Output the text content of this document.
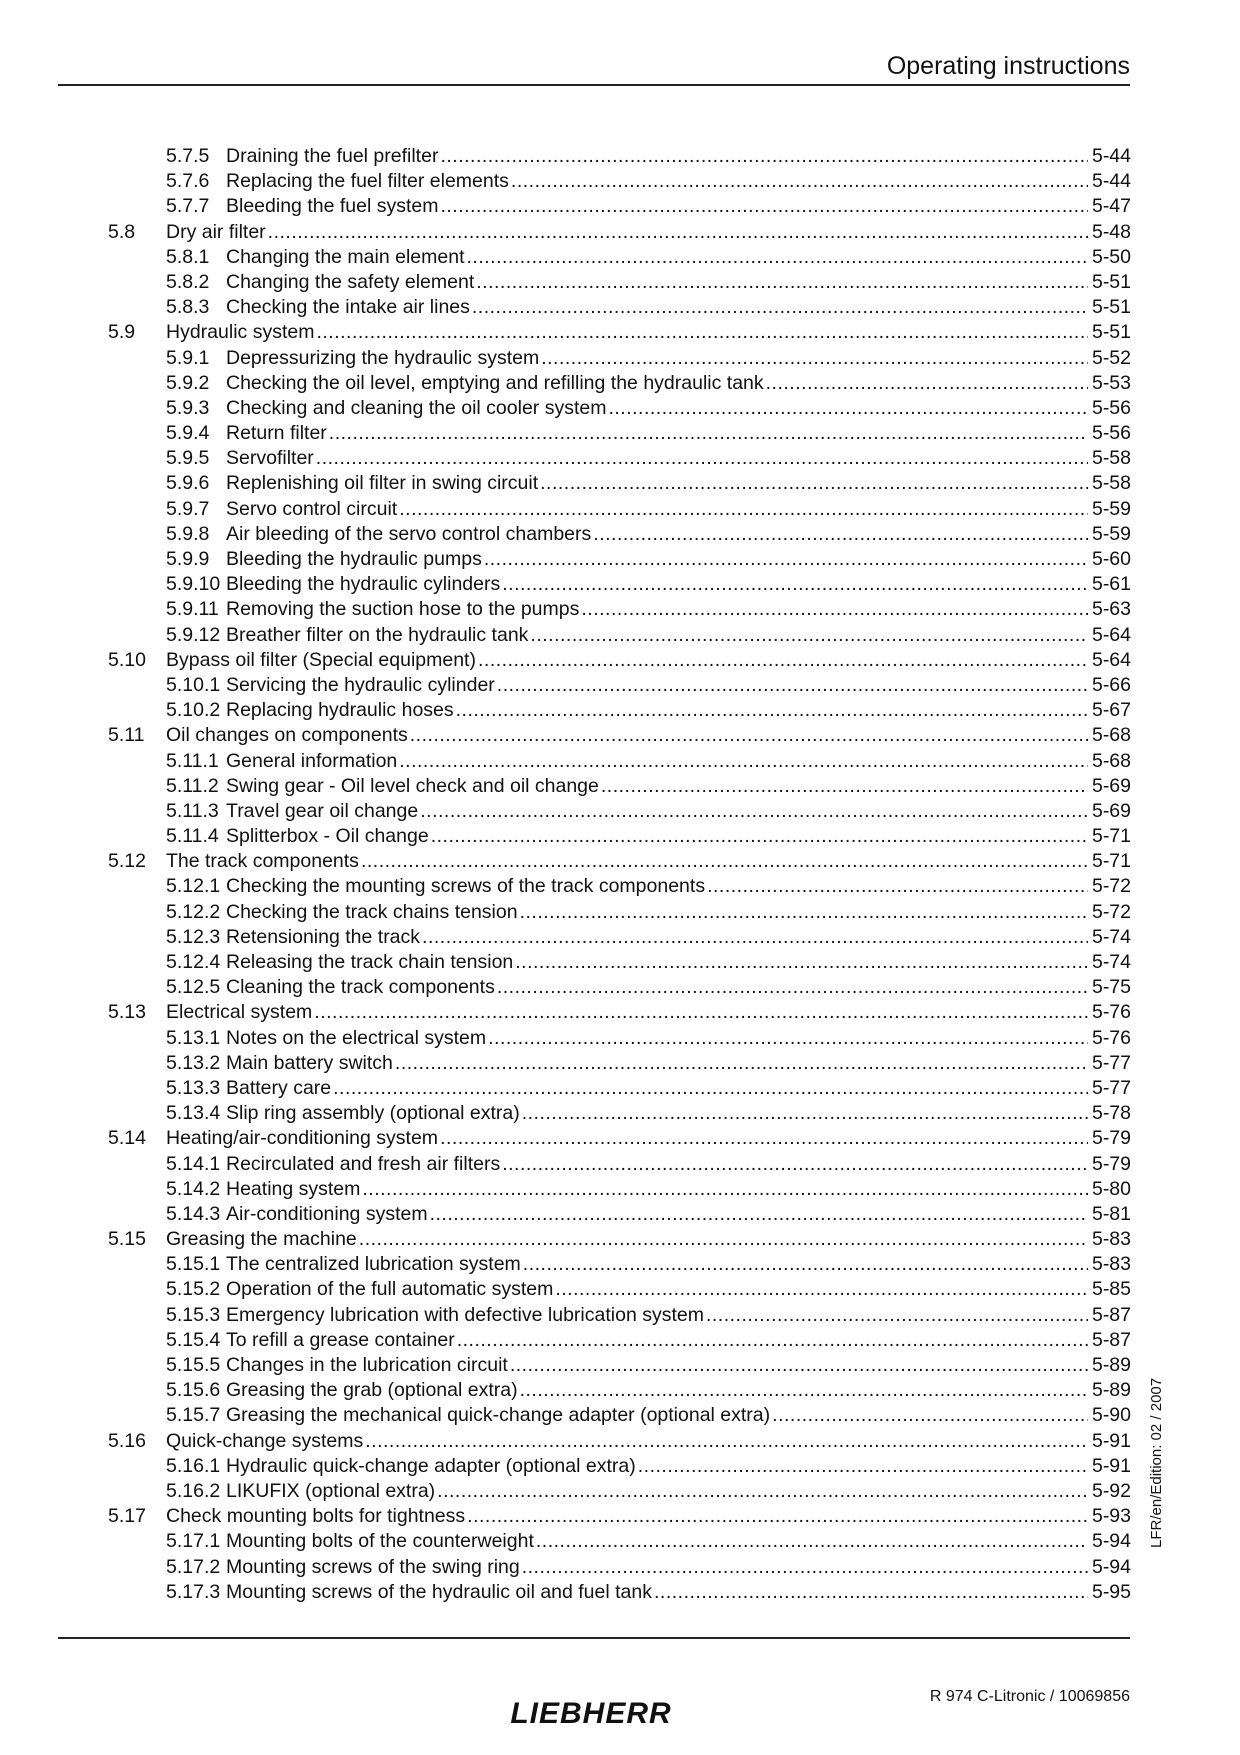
Operating instructions
5.7.5 Draining the fuel prefilter .....	5-44
5.7.6 Replacing the fuel filter elements .....	5-44
5.7.7 Bleeding the fuel system .....	5-47
5.8 Dry air filter .....	5-48
5.8.1 Changing the main element .....	5-50
5.8.2 Changing the safety element .....	5-51
5.8.3 Checking the intake air lines .....	5-51
5.9 Hydraulic system .....	5-51
5.9.1 Depressurizing the hydraulic system .....	5-52
5.9.2 Checking the oil level, emptying and refilling the hydraulic tank .....	5-53
5.9.3 Checking and cleaning the oil cooler system .....	5-56
5.9.4 Return filter .....	5-56
5.9.5 Servofilter .....	5-58
5.9.6 Replenishing oil filter in swing circuit .....	5-58
5.9.7 Servo control circuit .....	5-59
5.9.8 Air bleeding of the servo control chambers .....	5-59
5.9.9 Bleeding the hydraulic pumps .....	5-60
5.9.10 Bleeding the hydraulic cylinders .....	5-61
5.9.11 Removing the suction hose to the pumps .....	5-63
5.9.12 Breather filter on the hydraulic tank .....	5-64
5.10 Bypass oil filter (Special equipment) .....	5-64
5.10.1 Servicing the hydraulic cylinder .....	5-66
5.10.2 Replacing hydraulic hoses .....	5-67
5.11 Oil changes on components .....	5-68
5.11.1 General information .....	5-68
5.11.2 Swing gear - Oil level check and oil change .....	5-69
5.11.3 Travel gear oil change .....	5-69
5.11.4 Splitterbox - Oil change .....	5-71
5.12 The track components .....	5-71
5.12.1 Checking the mounting screws of the track components .....	5-72
5.12.2 Checking the track chains tension .....	5-72
5.12.3 Retensioning the track .....	5-74
5.12.4 Releasing the track chain tension .....	5-74
5.12.5 Cleaning the track components .....	5-75
5.13 Electrical system .....	5-76
5.13.1 Notes on the electrical system .....	5-76
5.13.2 Main battery switch .....	5-77
5.13.3 Battery care .....	5-77
5.13.4 Slip ring assembly (optional extra) .....	5-78
5.14 Heating/air-conditioning system .....	5-79
5.14.1 Recirculated and fresh air filters .....	5-79
5.14.2 Heating system .....	5-80
5.14.3 Air-conditioning system .....	5-81
5.15 Greasing the machine .....	5-83
5.15.1 The centralized lubrication system .....	5-83
5.15.2 Operation of the full automatic system .....	5-85
5.15.3 Emergency lubrication with defective lubrication system .....	5-87
5.15.4 To refill a grease container .....	5-87
5.15.5 Changes in the lubrication circuit .....	5-89
5.15.6 Greasing the grab (optional extra) .....	5-89
5.15.7 Greasing the mechanical quick-change adapter (optional extra) .....	5-90
5.16 Quick-change systems .....	5-91
5.16.1 Hydraulic quick-change adapter (optional extra) .....	5-91
5.16.2 LIKUFIX (optional extra) .....	5-92
5.17 Check mounting bolts for tightness .....	5-93
5.17.1 Mounting bolts of the counterweight .....	5-94
5.17.2 Mounting screws of the swing ring .....	5-94
5.17.3 Mounting screws of the hydraulic oil and fuel tank .....	5-95
LFR/en/Edition: 02 / 2007
R 974 C-Litronic / 10069856
LIEBHERR
